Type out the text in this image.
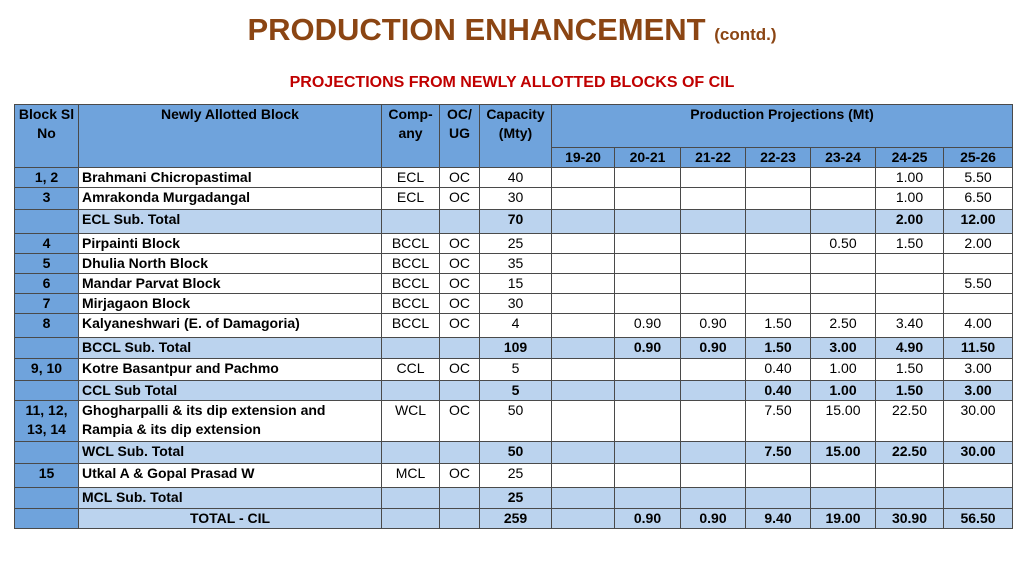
PRODUCTION ENHANCEMENT (contd.)
PROJECTIONS FROM NEWLY ALLOTTED BLOCKS OF CIL
Block Sl No	Newly Allotted Block	Comp-any	OC/ UG	Capacity (Mty)	Production Projections (Mt)						
					19-20	20-21	21-22	22-23	23-24	24-25	25-26
1, 2	Brahmani Chicropastimal	ECL	OC	40						1.00	5.50
3	Amrakonda Murgadangal	ECL	OC	30						1.00	6.50
	ECL Sub. Total			70						2.00	12.00
4	Pirpainti Block	BCCL	OC	25					0.50	1.50	2.00
5	Dhulia North Block	BCCL	OC	35							
6	Mandar Parvat Block	BCCL	OC	15							5.50
7	Mirjagaon Block	BCCL	OC	30							
8	Kalyaneshwari (E. of Damagoria)	BCCL	OC	4		0.90	0.90	1.50	2.50	3.40	4.00
	BCCL Sub. Total			109		0.90	0.90	1.50	3.00	4.90	11.50
9, 10	Kotre Basantpur and Pachmo	CCL	OC	5				0.40	1.00	1.50	3.00
	CCL Sub Total			5				0.40	1.00	1.50	3.00
11, 12, 13, 14	Ghogharpalli & its dip extension and Rampia & its dip extension	WCL	OC	50				7.50	15.00	22.50	30.00
	WCL Sub. Total			50				7.50	15.00	22.50	30.00
15	Utkal A & Gopal Prasad W	MCL	OC	25							
	MCL Sub. Total			25							
	TOTAL - CIL			259		0.90	0.90	9.40	19.00	30.90	56.50
